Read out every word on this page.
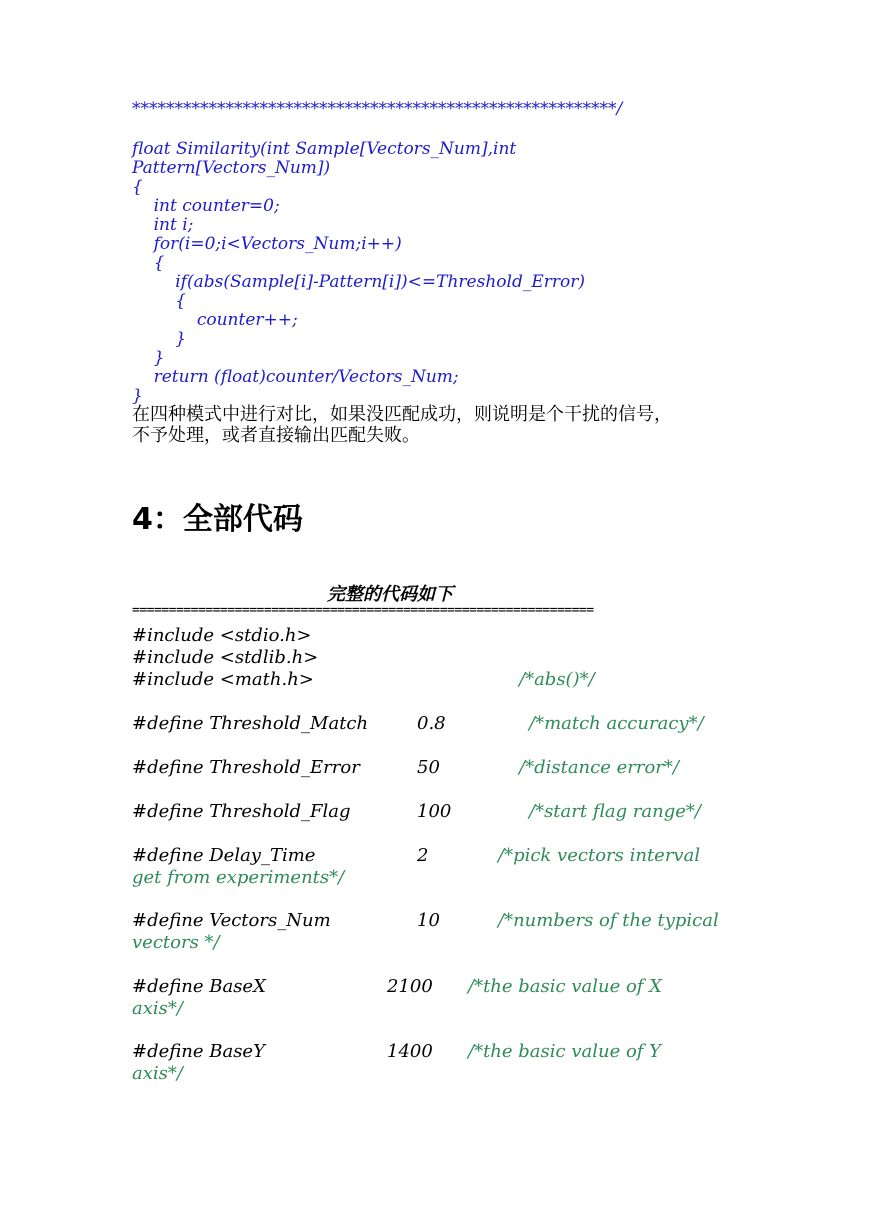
*********************************************************/
float Similarity(int Sample[Vectors_Num],int
Pattern[Vectors_Num])
{
int counter=0;
int i;
for(i=0;i<Vectors_Num;i++)
{
if(abs(Sample[i]-Pattern[i])<=Threshold_Error)
{
counter++;
}
}
return (float)counter/Vectors_Num;
}
在四种模式中进行对比，如果没匹配成功，则说明是个干扰的信号，
不予处理，或者直接输出匹配失败。
4：全部代码
完整的代码如下
===============================================================
#include <stdio.h>
#include <stdlib.h>
#include <math.h>	/*abs()*/
#define Threshold_Match	0.8	/*match accuracy*/
#define Threshold_Error	50	/*distance error*/
#define Threshold_Flag	100	/*start flag range*/
#define Delay_Time	2	/*pick vectors interval
get from experiments*/
#define Vectors_Num	10	/*numbers of the typical
vectors */
#define BaseX	2100 /*the basic value of X
axis*/
#define BaseY	1400 /*the basic value of Y
axis*/
